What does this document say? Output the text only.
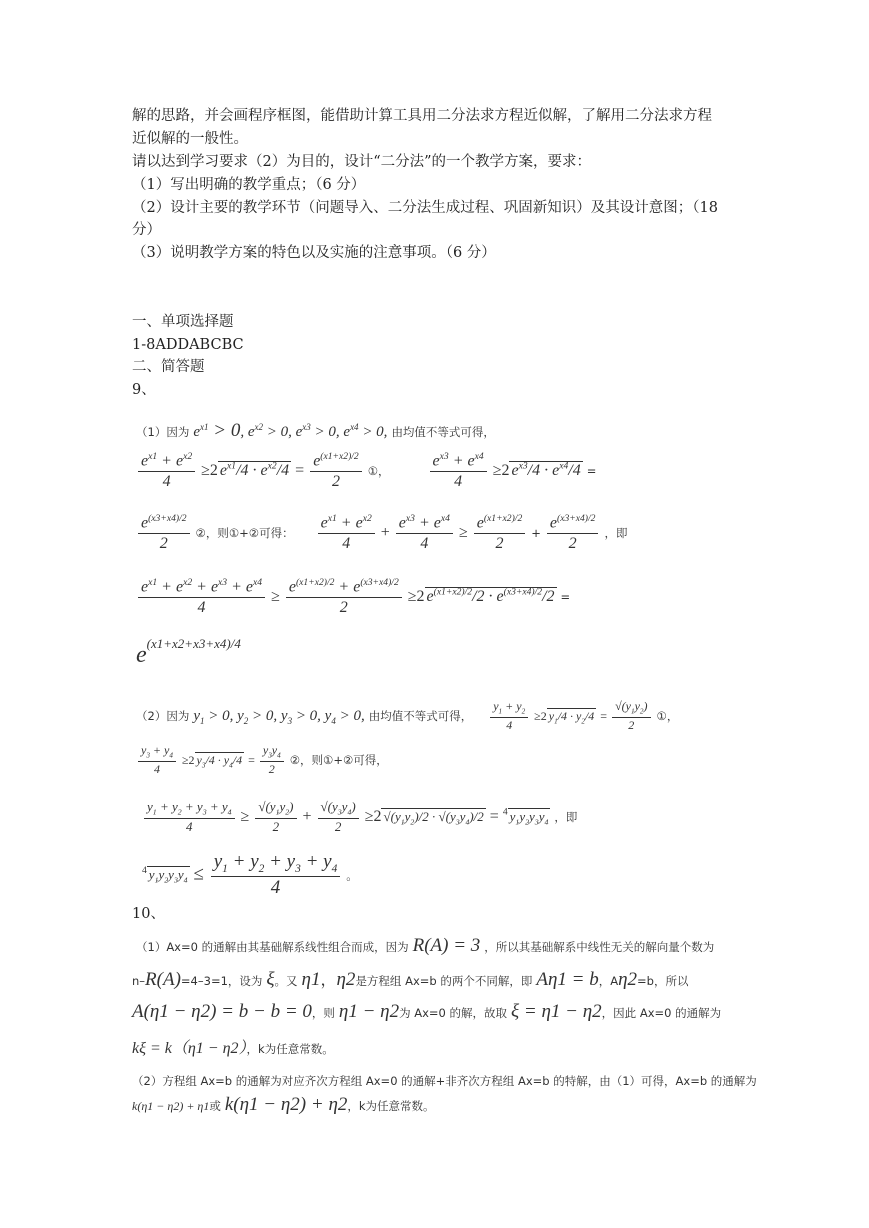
解的思路，并会画程序框图，能借助计算工具用二分法求方程近似解，了解用二分法求方程
近似解的一般性。
请以达到学习要求（2）为目的，设计“二分法”的一个教学方案，要求：
（1）写出明确的教学重点；（6 分）
（2）设计主要的教学环节（问题导入、二分法生成过程、巩固新知识）及其设计意图；（18
分）
（3）说明教学方案的特色以及实施的注意事项。（6 分）
一、单项选择题
1-8ADDABCBC
二、简答题
9、
（1）因为 $e^{x1} > 0$, $e^{x2} > 0$, $e^{x3} > 0$, $e^{x4} > 0$, 由均值不等式可得，
$\frac{e^{x1} + e^{x2}}{4} \ge 2$ $e^{x1}/4 \cdot e^{x2}/4 = \frac{e^{(x1+x2)/2}}{2}$ ①，	$\frac{e^{x3} + e^{x4}}{4} \ge 2$ $e^{x3}/4 \cdot e^{x4}/4$ =
$\frac{e^{(x3+x4)/2}}{2}$ ②，则①+②可得： $\frac{e^{x1} + e^{x2}}{4} + \frac{e^{x3} + e^{x4}}{4} \ge \frac{e^{(x1+x2)/2}}{2} + \frac{e^{(x3+x4)/2}}{2}$ ，即
$\frac{e^{x1} + e^{x2} + e^{x3} + e^{x4}}{4} \ge \frac{e^{(x1+x2)/2} + e^{(x3+x4)/2}}{2} \ge 2$ $e^{(x1+x2)/2}/2 \cdot e^{(x3+x4)/2}/2$ =
$e^{(x1+x2+x3+x4)/4}$
（2）因为 $y_1 > 0$, $y_2 > 0$, $y_3 > 0$, $y_4 > 0$, 由均值不等式可得， $\frac{y_1 + y_2}{4} \ge 2$ $y_1/4 \cdot y_2/4 = \frac{√(y_1y_2)}{2}$ ①，
$\frac{y_3 + y_4}{4} \ge 2$ $y_3/4 \cdot y_4/4 = \frac{y_3y_4}{2}$ ②，则①+②可得，
$\frac{y_1 + y_2 + y_3 + y_4}{4} \ge \frac{√(y_1y_2)}{2} + \frac{√(y_3y_4)}{2} \ge 2$ $√(y_1y_2)/2 \cdot √(y_3y_4)/2 = ^4$ $y_1y_2y_3y_4$ ，即
$^4$ $y_1y_2y_3y_4 \le \frac{y_1 + y_2 + y_3 + y_4}{4}$ 。
10、
（1）Ax=0 的通解由其基础解系线性组合而成，因为 R(A) = 3 ，所以其基础解系中线性无关的解向量个数为
n–R(A)=4–3=1，设为 ξ。又 η1，η2是方程组 Ax=b 的两个不同解，即 Aη1 = b，Aη2=b，所以
A(η1 − η2) = b − b = 0，则 η1 − η2为 Ax=0 的解，故取 ξ = η1 − η2，因此 Ax=0 的通解为
kξ = k（η1 − η2），k为任意常数。
（2）方程组 Ax=b 的通解为对应齐次方程组 Ax=0 的通解+非齐次方程组 Ax=b 的特解，由（1）可得，Ax=b 的通解为
k(η1 − η2) + η1或 k(η1 − η2) + η2，k为任意常数。
